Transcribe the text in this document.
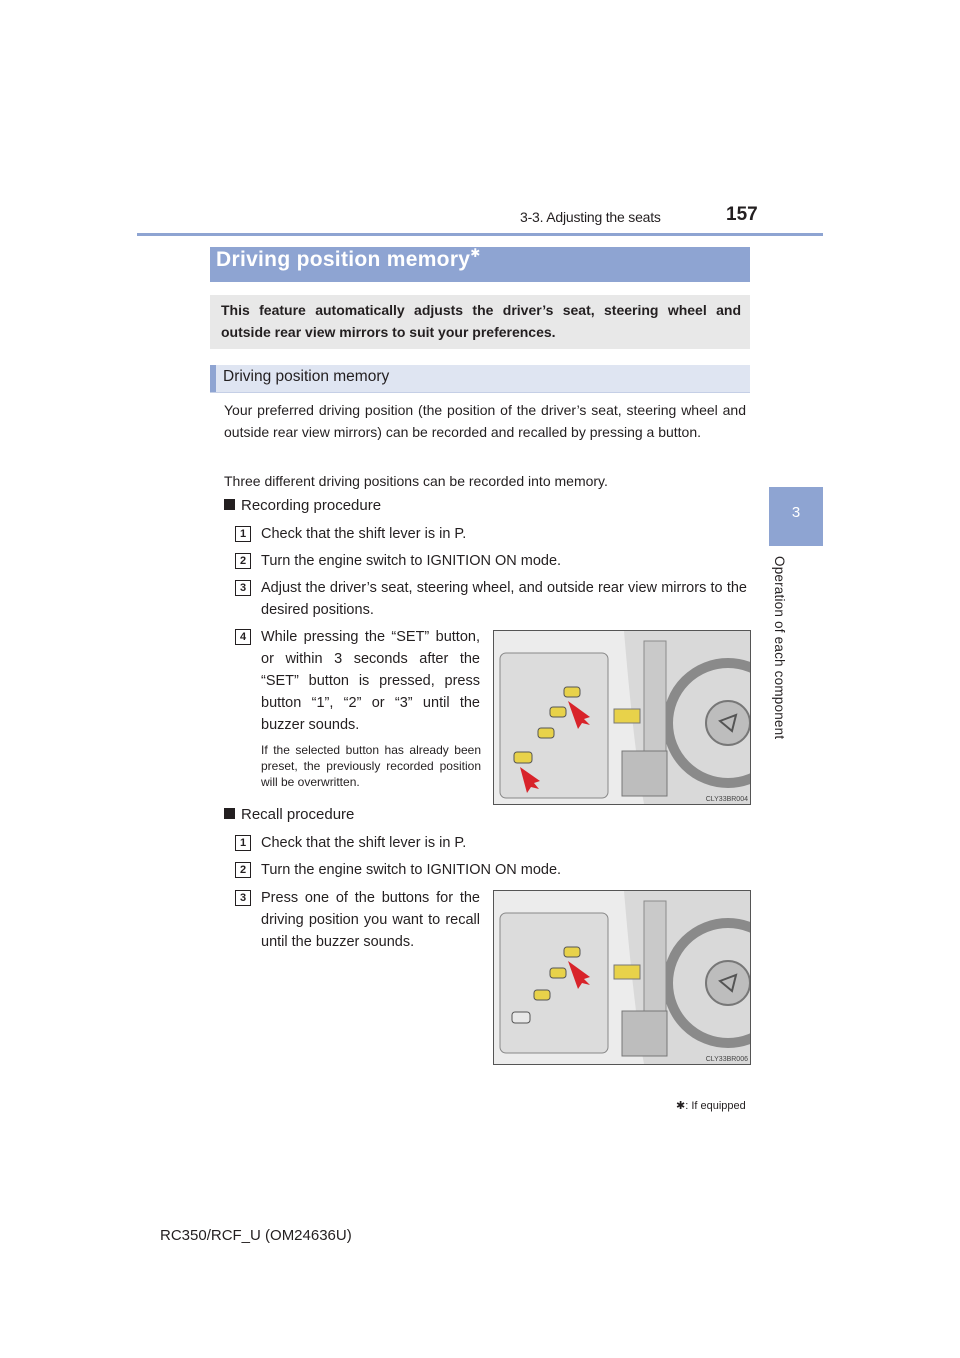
3-3. Adjusting the seats	157
3
Operation of each component
Driving position memory✱
This feature automatically adjusts the driver’s seat, steering wheel and outside rear view mirrors to suit your preferences.
Driving position memory
Your preferred driving position (the position of the driver’s seat, steering wheel and outside rear view mirrors) can be recorded and recalled by pressing a button.
Three different driving positions can be recorded into memory.
Recording procedure
1	Check that the shift lever is in P.
2	Turn the engine switch to IGNITION ON mode.
3	Adjust the driver’s seat, steering wheel, and outside rear view mirrors to the desired positions.
4	While pressing the “SET” button, or within 3 seconds after the “SET” button is pressed, press button “1”, “2” or “3” until the buzzer sounds.
If the selected button has already been preset, the previously recorded position will be overwritten.
CLY33BR004
Recall procedure
1	Check that the shift lever is in P.
2	Turn the engine switch to IGNITION ON mode.
3	Press one of the buttons for the driving position you want to recall until the buzzer sounds.
CLY33BR006
✱: If equipped
RC350/RCF_U (OM24636U)
